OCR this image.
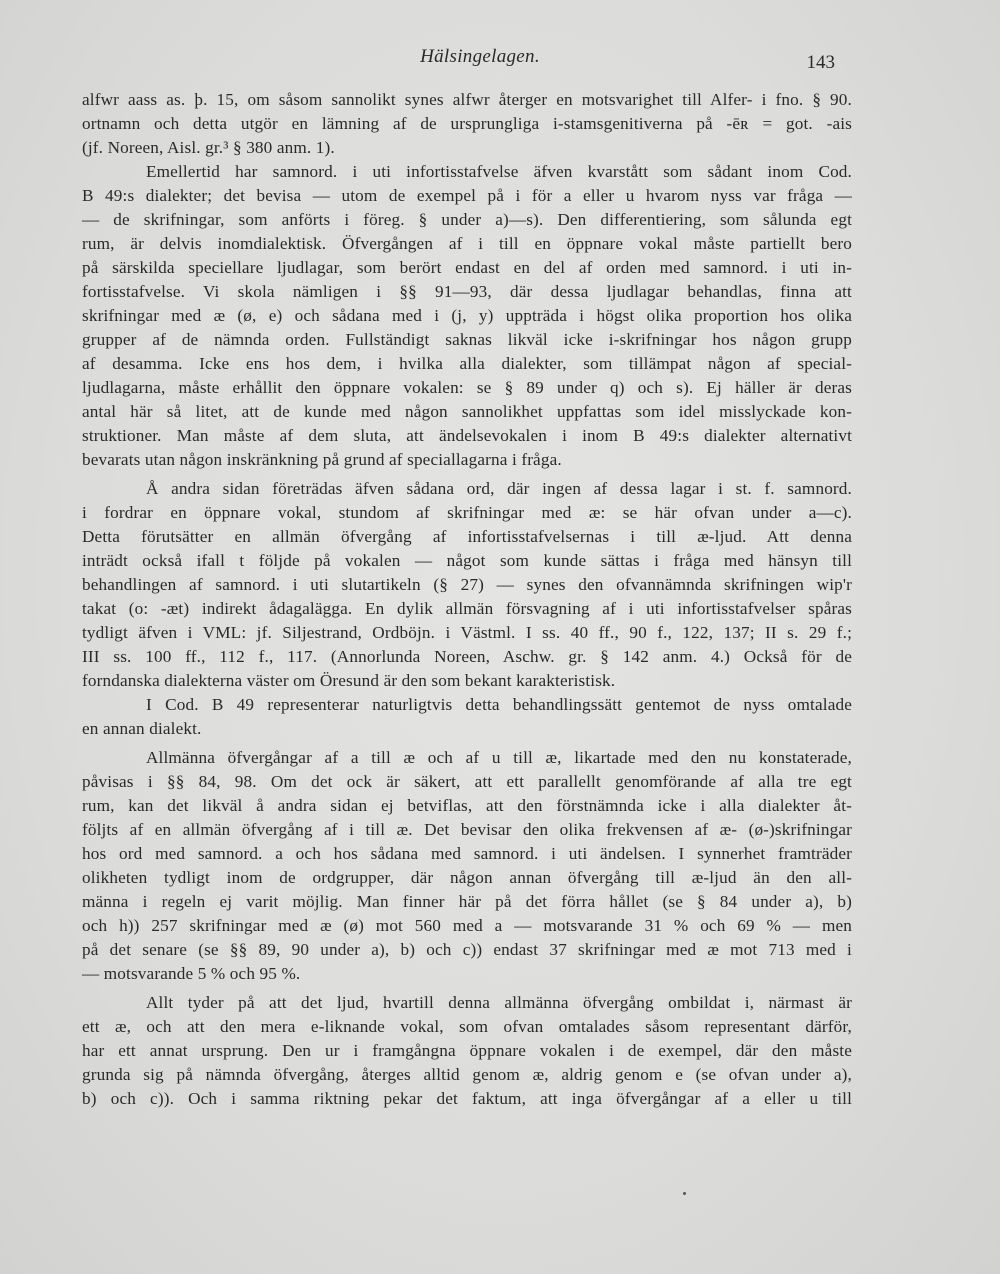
Hälsingelagen.	143
alfwr aass as. þ. 15, om såsom sannolikt synes alfwr återger en motsvarighet till Alfer- i fno. § 90.
ortnamn och detta utgör en lämning af de ursprungliga i-stamsgenitiverna på -ēʀ = got. -ais
(jf. Noreen, Aisl. gr.³ § 380 anm. 1).
Emellertid har samnord. i uti infortisstafvelse äfven kvarstått som sådant inom Cod.
B 49:s dialekter; det bevisa — utom de exempel på i för a eller u hvarom nyss var fråga —
— de skrifningar, som anförts i föreg. § under a)—s). Den differentiering, som sålunda egt
rum, är delvis inomdialektisk. Öfvergången af i till en öppnare vokal måste partiellt bero
på särskilda speciellare ljudlagar, som berört endast en del af orden med samnord. i uti in-
fortisstafvelse. Vi skola nämligen i §§ 91—93, där dessa ljudlagar behandlas, finna att
skrifningar med æ (ø, e) och sådana med i (j, y) uppträda i högst olika proportion hos olika
grupper af de nämnda orden. Fullständigt saknas likväl icke i-skrifningar hos någon grupp
af desamma. Icke ens hos dem, i hvilka alla dialekter, som tillämpat någon af special-
ljudlagarna, måste erhållit den öppnare vokalen: se § 89 under q) och s). Ej häller är deras
antal här så litet, att de kunde med någon sannolikhet uppfattas som idel misslyckade kon-
struktioner. Man måste af dem sluta, att ändelsevokalen i inom B 49:s dialekter alternativt
bevarats utan någon inskränkning på grund af speciallagarna i fråga.
Å andra sidan företrädas äfven sådana ord, där ingen af dessa lagar i st. f. samnord.
i fordrar en öppnare vokal, stundom af skrifningar med æ: se här ofvan under a—c).
Detta förutsätter en allmän öfvergång af infortisstafvelsernas i till æ-ljud. Att denna
inträdt också ifall t följde på vokalen — något som kunde sättas i fråga med hänsyn till
behandlingen af samnord. i uti slutartikeln (§ 27) — synes den ofvannämnda skrifningen wip'r
takat (o: -æt) indirekt ådagalägga. En dylik allmän försvagning af i uti infortisstafvelser spåras
tydligt äfven i VML: jf. Siljestrand, Ordböjn. i Västml. I ss. 40 ff., 90 f., 122, 137; II s. 29 f.;
III ss. 100 ff., 112 f., 117. (Annorlunda Noreen, Aschw. gr. § 142 anm. 4.) Också för de
forndanska dialekterna väster om Öresund är den som bekant karakteristisk.
I Cod. B 49 representerar naturligtvis detta behandlingssätt gentemot de nyss omtalade
en annan dialekt.
Allmänna öfvergångar af a till æ och af u till æ, likartade med den nu konstaterade,
påvisas i §§ 84, 98. Om det ock är säkert, att ett parallellt genomförande af alla tre egt
rum, kan det likväl å andra sidan ej betviflas, att den förstnämnda icke i alla dialekter åt-
följts af en allmän öfvergång af i till æ. Det bevisar den olika frekvensen af æ- (ø-)skrifningar
hos ord med samnord. a och hos sådana med samnord. i uti ändelsen. I synnerhet framträder
olikheten tydligt inom de ordgrupper, där någon annan öfvergång till æ-ljud än den all-
männa i regeln ej varit möjlig. Man finner här på det förra hållet (se § 84 under a), b)
och h)) 257 skrifningar med æ (ø) mot 560 med a — motsvarande 31 % och 69 % — men
på det senare (se §§ 89, 90 under a), b) och c)) endast 37 skrifningar med æ mot 713 med i
— motsvarande 5 % och 95 %.
Allt tyder på att det ljud, hvartill denna allmänna öfvergång ombildat i, närmast är
ett æ, och att den mera e-liknande vokal, som ofvan omtalades såsom representant därför,
har ett annat ursprung. Den ur i framgångna öppnare vokalen i de exempel, där den måste
grunda sig på nämnda öfvergång, återges alltid genom æ, aldrig genom e (se ofvan under a),
b) och c)). Och i samma riktning pekar det faktum, att inga öfvergångar af a eller u till
